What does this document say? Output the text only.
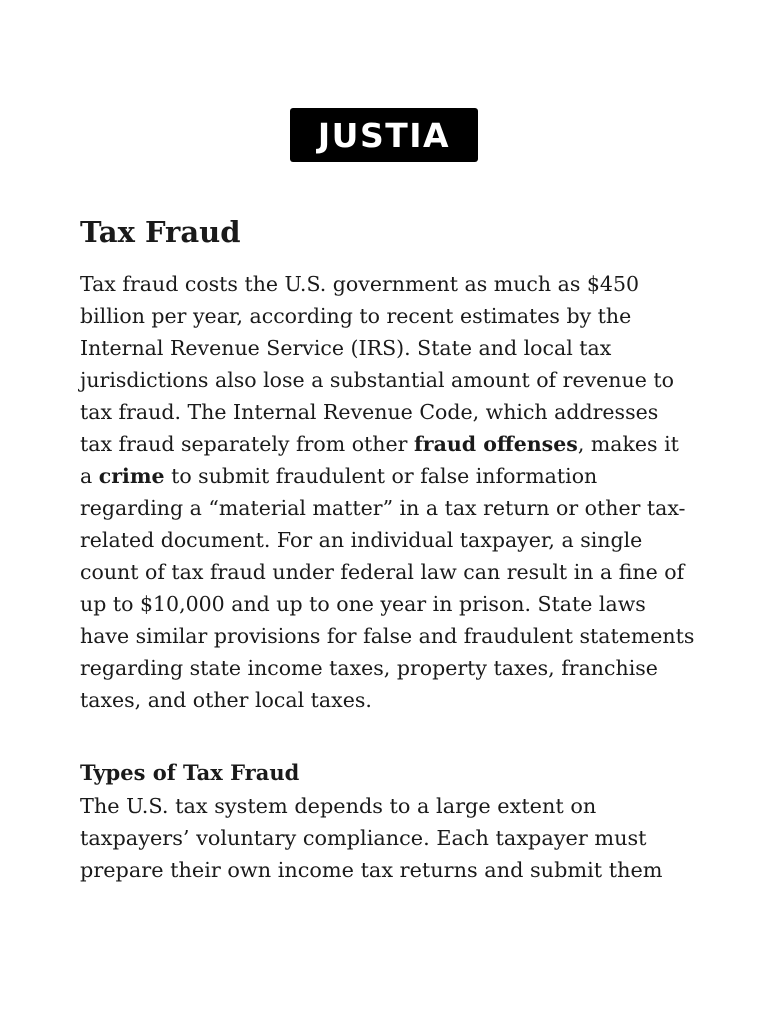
JUSTIA
Tax Fraud

Tax fraud costs the U.S. government as much as $450 billion per year, according to recent estimates by the Internal Revenue Service (IRS). State and local tax jurisdictions also lose a substantial amount of revenue to tax fraud. The Internal Revenue Code, which addresses tax fraud separately from other fraud offenses, makes it a crime to submit fraudulent or false information regarding a “material matter” in a tax return or other tax-related document. For an individual taxpayer, a single count of tax fraud under federal law can result in a fine of up to $10,000 and up to one year in prison. State laws have similar provisions for false and fraudulent statements regarding state income taxes, property taxes, franchise taxes, and other local taxes.

Types of Tax Fraud

The U.S. tax system depends to a large extent on taxpayers’ voluntary compliance. Each taxpayer must prepare their own income tax returns and submit them
